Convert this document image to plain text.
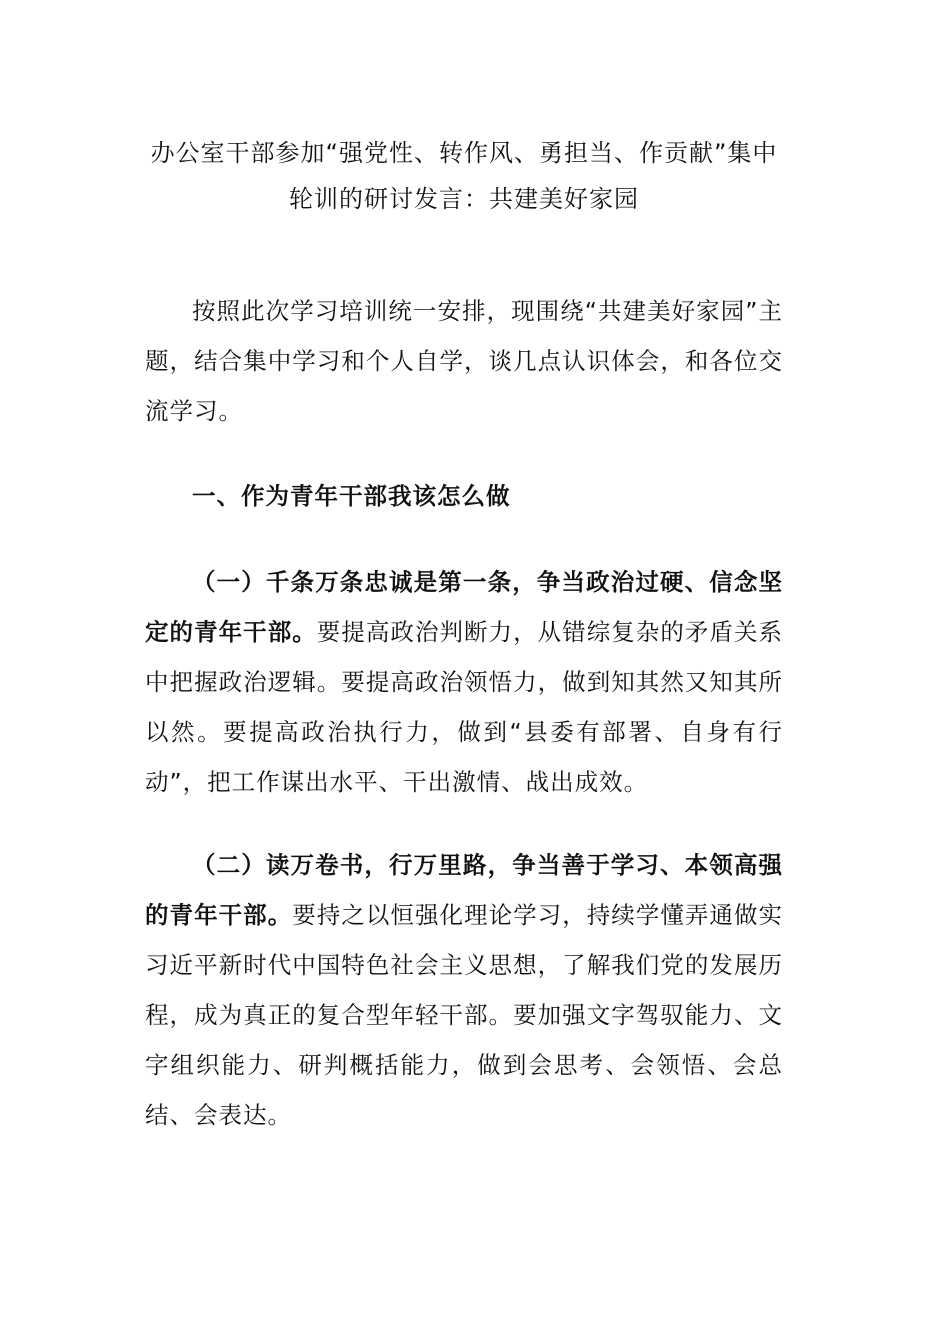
办公室干部参加“强党性、转作风、勇担当、作贡献”集中轮训的研讨发言：共建美好家园

按照此次学习培训统一安排，现围绕“共建美好家园”主题，结合集中学习和个人自学，谈几点认识体会，和各位交流学习。

一、作为青年干部我该怎么做

（一）千条万条忠诚是第一条，争当政治过硬、信念坚定的青年干部。要提高政治判断力，从错综复杂的矛盾关系中把握政治逻辑。要提高政治领悟力，做到知其然又知其所以然。要提高政治执行力，做到“县委有部署、自身有行动”，把工作谋出水平、干出激情、战出成效。

（二）读万卷书，行万里路，争当善于学习、本领高强的青年干部。要持之以恒强化理论学习，持续学懂弄通做实习近平新时代中国特色社会主义思想，了解我们党的发展历程，成为真正的复合型年轻干部。要加强文字驾驭能力、文字组织能力、研判概括能力，做到会思考、会领悟、会总结、会表达。
